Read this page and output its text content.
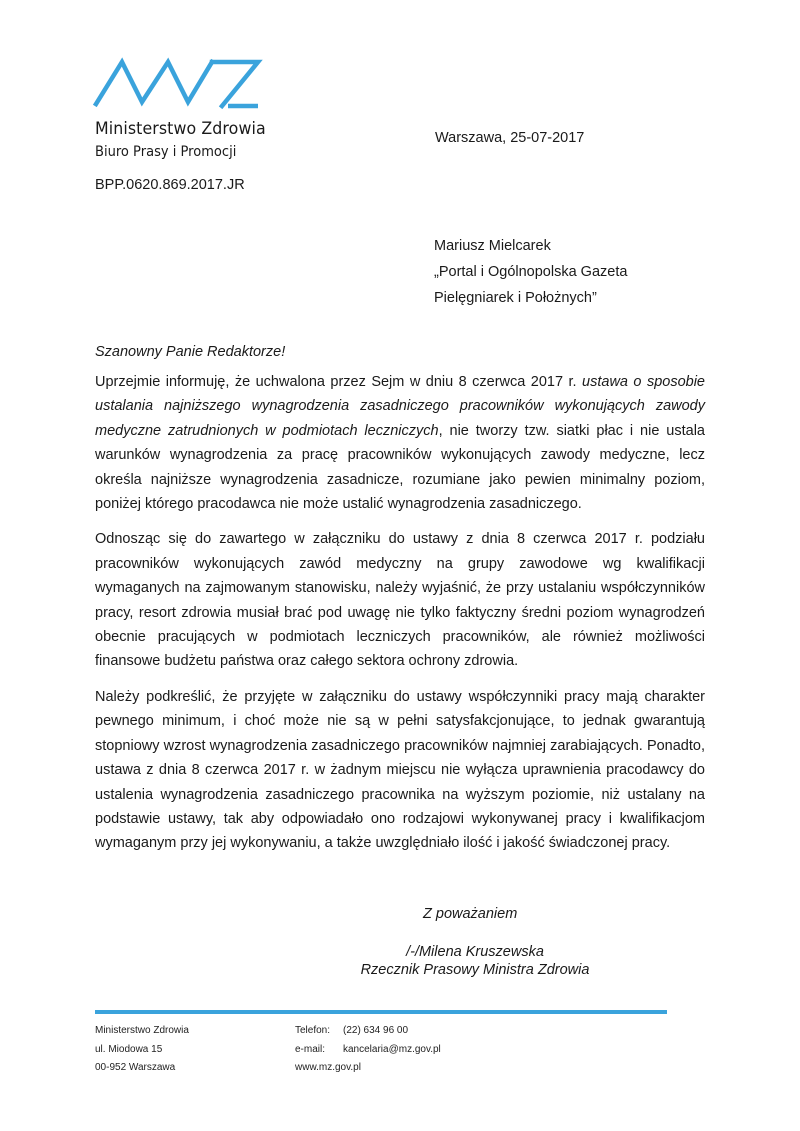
Ministerstwo Zdrowia
Biuro Prasy i Promocji
BPP.0620.869.2017.JR
Warszawa, 25-07-2017
Mariusz Mielcarek
„Portal i Ogólnopolska Gazeta
Pielęgniarek i Położnych”
Szanowny Panie Redaktorze!

Uprzejmie informuję, że uchwalona przez Sejm w dniu 8 czerwca 2017 r. ustawa o sposobie ustalania najniższego wynagrodzenia zasadniczego pracowników wykonujących zawody medyczne zatrudnionych w podmiotach leczniczych, nie tworzy tzw. siatki płac i nie ustala warunków wynagrodzenia za pracę pracowników wykonujących zawody medyczne, lecz określa najniższe wynagrodzenia zasadnicze, rozumiane jako pewien minimalny poziom, poniżej którego pracodawca nie może ustalić wynagrodzenia zasadniczego.

Odnosząc się do zawartego w załączniku do ustawy z dnia 8 czerwca 2017 r. podziału pracowników wykonujących zawód medyczny na grupy zawodowe wg kwalifikacji wymaganych na zajmowanym stanowisku, należy wyjaśnić, że przy ustalaniu współczynników pracy, resort zdrowia musiał brać pod uwagę nie tylko faktyczny średni poziom wynagrodzeń obecnie pracujących w podmiotach leczniczych pracowników, ale również możliwości finansowe budżetu państwa oraz całego sektora ochrony zdrowia.

Należy podkreślić, że przyjęte w załączniku do ustawy współczynniki pracy mają charakter pewnego minimum, i choć może nie są w pełni satysfakcjonujące, to jednak gwarantują stopniowy wzrost wynagrodzenia zasadniczego pracowników najmniej zarabiających. Ponadto, ustawa z dnia 8 czerwca 2017 r. w żadnym miejscu nie wyłącza uprawnienia pracodawcy do ustalenia wynagrodzenia zasadniczego pracownika na wyższym poziomie, niż ustalany na podstawie ustawy, tak aby odpowiadało ono rodzajowi wykonywanej pracy i kwalifikacjom wymaganym przy jej wykonywaniu, a także uwzględniało ilość i jakość świadczonej pracy.

Z poważaniem
/-/Milena Kruszewska
Rzecznik Prasowy Ministra Zdrowia
Ministerstwo Zdrowia
ul. Miodowa 15
00-952 Warszawa
Telefon: (22) 634 96 00
e-mail: kancelaria@mz.gov.pl
www.mz.gov.pl
